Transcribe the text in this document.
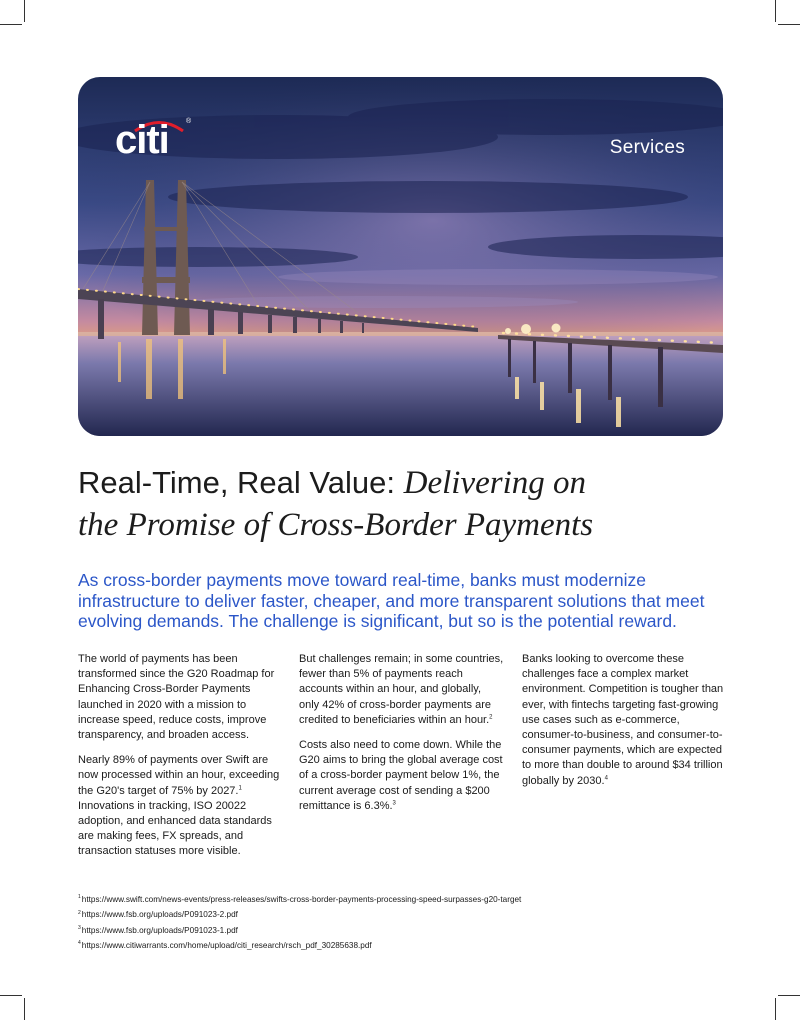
citi ®
Services
Real-Time, Real Value: Delivering on
the Promise of Cross-Border Payments

As cross-border payments move toward real-time, banks must modernize infrastructure to deliver faster, cheaper, and more transparent solutions that meet evolving demands. The challenge is significant, but so is the potential reward.

The world of payments has been transformed since the G20 Roadmap for Enhancing Cross-Border Payments launched in 2020 with a mission to increase speed, reduce costs, improve transparency, and broaden access.

Nearly 89% of payments over Swift are now processed within an hour, exceeding the G20's target of 75% by 2027.$^1$ Innovations in tracking, ISO 20022 adoption, and enhanced data standards are making fees, FX spreads, and transaction statuses more visible.

But challenges remain; in some countries, fewer than 5% of payments reach accounts within an hour, and globally, only 42% of cross-border payments are credited to beneficiaries within an hour.$^2$

Costs also need to come down. While the G20 aims to bring the global average cost of a cross-border payment below 1%, the current average cost of sending a $200 remittance is 6.3%.$^3$

Banks looking to overcome these challenges face a complex market environment. Competition is tougher than ever, with fintechs targeting fast-growing use cases such as e-commerce, consumer-to-business, and consumer-to-consumer payments, which are expected to more than double to around $34 trillion globally by 2030.$^4$

$^1$https://www.swift.com/news-events/press-releases/swifts-cross-border-payments-processing-speed-surpasses-g20-target
$^2$https://www.fsb.org/uploads/P091023-2.pdf
$^3$https://www.fsb.org/uploads/P091023-1.pdf
$^4$https://www.citiwarrants.com/home/upload/citi_research/rsch_pdf_30285638.pdf
